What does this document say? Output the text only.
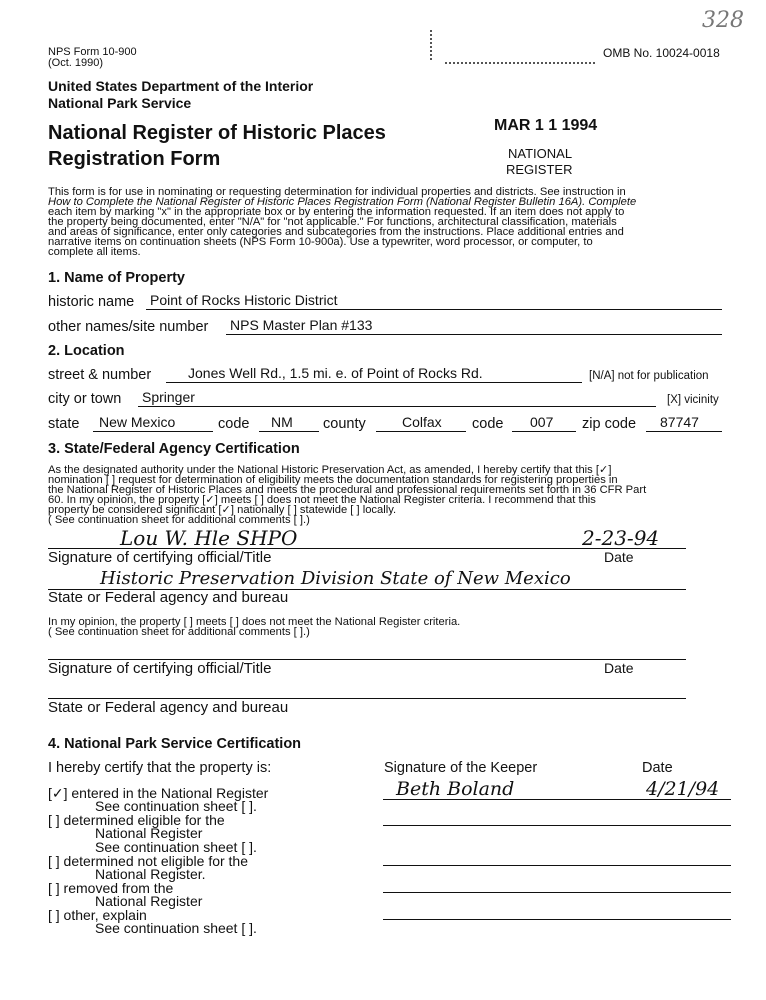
328
NPS Form 10-900
(Oct. 1990)
OMB No. 10024-0018
United States Department of the Interior
National Park Service
National Register of Historic Places
Registration Form
MAR 1 1 1994
NATIONAL
REGISTER
This form is for use in nominating or requesting determination for individual properties and districts. See instruction in
How to Complete the National Register of Historic Places Registration Form (National Register Bulletin 16A). Complete
each item by marking "x" in the appropriate box or by entering the information requested. If an item does not apply to
the property being documented, enter "N/A" for "not applicable." For functions, architectural classification, materials
and areas of significance, enter only categories and subcategories from the instructions. Place additional entries and
narrative items on continuation sheets (NPS Form 10-900a). Use a typewriter, word processor, or computer, to
complete all items.
1. Name of Property
historic name Point of Rocks Historic District
other names/site number NPS Master Plan #133
2. Location
street & number	Jones Well Rd., 1.5 mi. e. of Point of Rocks Rd.	[N/A] not for publication
city or town Springer	[X] vicinity
state	New Mexico	code	NM	county	Colfax	code	007	zip code	87747
3. State/Federal Agency Certification
As the designated authority under the National Historic Preservation Act, as amended, I hereby certify that this [✓]
nomination [ ] request for determination of eligibility meets the documentation standards for registering properties in
the National Register of Historic Places and meets the procedural and professional requirements set forth in 36 CFR Part
60. In my opinion, the property [✓] meets [ ] does not meet the National Register criteria. I recommend that this
property be considered significant [✓] nationally [ ] statewide [ ] locally.
( See continuation sheet for additional comments [ ].)
Lou W. Hle SHPO	2-23-94
Signature of certifying official/Title	Date
Historic Preservation Division State of New Mexico
State or Federal agency and bureau
In my opinion, the property [ ] meets [ ] does not meet the National Register criteria.
( See continuation sheet for additional comments [ ].)
Signature of certifying official/Title	Date
State or Federal agency and bureau
4. National Park Service Certification
I hereby certify that the property is:	Signature of the Keeper	Date
Beth Boland	4/21/94
[✓] entered in the National Register
See continuation sheet [ ].
[ ] determined eligible for the
National Register
See continuation sheet [ ].
[ ] determined not eligible for the
National Register.
[ ] removed from the
National Register
[ ] other, explain
See continuation sheet [ ].
